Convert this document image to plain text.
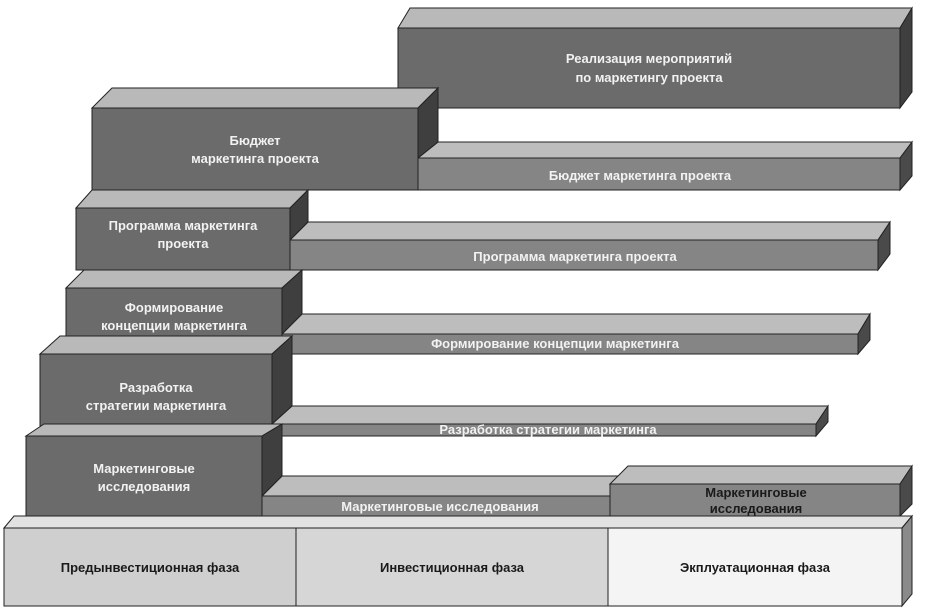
Реализация мероприятий
по маркетингу проекта
Бюджет маркетинга проекта
Бюджет
маркетинга проекта
Программа маркетинга проекта
Программа маркетинга
проекта
Формирование концепции маркетинга
Формирование
концепции маркетинга
Разработка стратегии маркетинга
Разработка
стратегии маркетинга
Маркетинговые исследования
Маркетинговые
исследования
Маркетинговые
исследования
Предынвестиционная фаза	Инвестиционная фаза	Экплуатационная фаза
